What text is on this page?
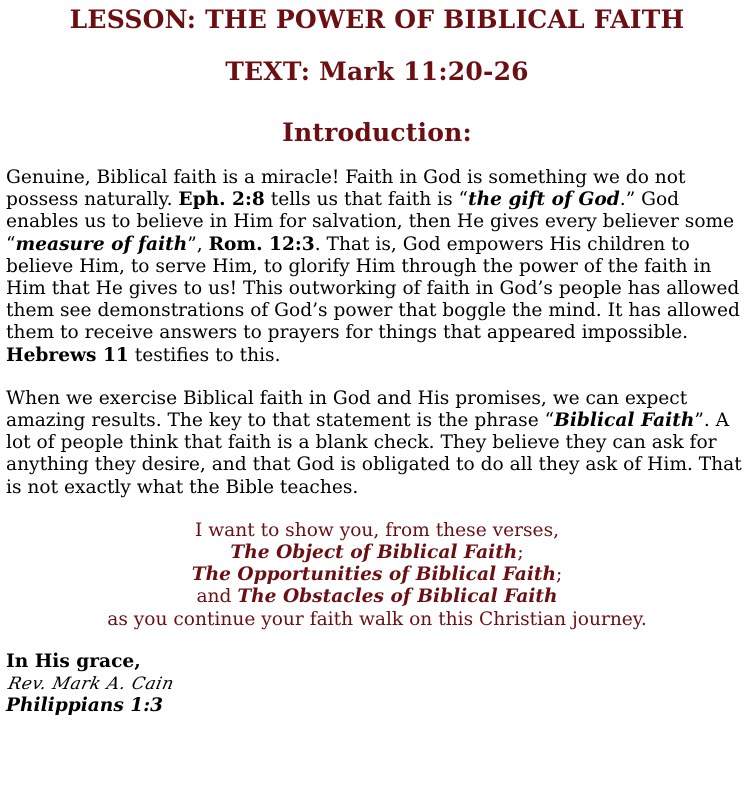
LESSON: THE POWER OF BIBLICAL FAITH
TEXT: Mark 11:20-26
Introduction:

Genuine, Biblical faith is a miracle! Faith in God is something we do not possess naturally. Eph. 2:8 tells us that faith is “the gift of God.” God enables us to believe in Him for salvation, then He gives every believer some “measure of faith”, Rom. 12:3. That is, God empowers His children to believe Him, to serve Him, to glorify Him through the power of the faith in Him that He gives to us! This outworking of faith in God’s people has allowed them see demonstrations of God’s power that boggle the mind. It has allowed them to receive answers to prayers for things that appeared impossible. Hebrews 11 testifies to this.

When we exercise Biblical faith in God and His promises, we can expect amazing results. The key to that statement is the phrase “Biblical Faith”. A lot of people think that faith is a blank check. They believe they can ask for anything they desire, and that God is obligated to do all they ask of Him. That is not exactly what the Bible teaches.

I want to show you, from these verses,
The Object of Biblical Faith;
The Opportunities of Biblical Faith;
and The Obstacles of Biblical Faith
as you continue your faith walk on this Christian journey.
In His grace,
Rev. Mark A. Cain
Philippians 1:3
